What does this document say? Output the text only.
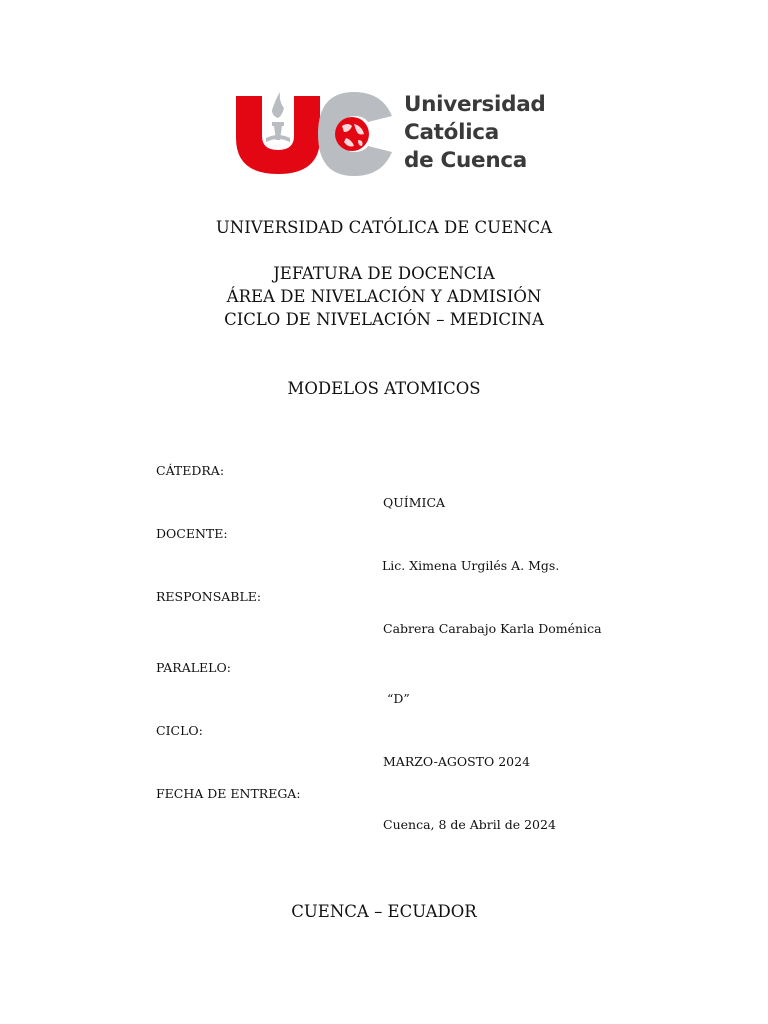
Universidad
Católica
de Cuenca
UNIVERSIDAD CATÓLICA DE CUENCA
JEFATURA DE DOCENCIA
ÁREA DE NIVELACIÓN Y ADMISIÓN
CICLO DE NIVELACIÓN – MEDICINA
MODELOS ATOMICOS
CÁTEDRA:
QUÍMICA
DOCENTE:
Lic. Ximena Urgilés A. Mgs.
RESPONSABLE:
Cabrera Carabajo Karla Doménica
PARALELO:
“D”
CICLO:
MARZO-AGOSTO 2024
FECHA DE ENTREGA:
Cuenca, 8 de Abril de 2024
CUENCA – ECUADOR
